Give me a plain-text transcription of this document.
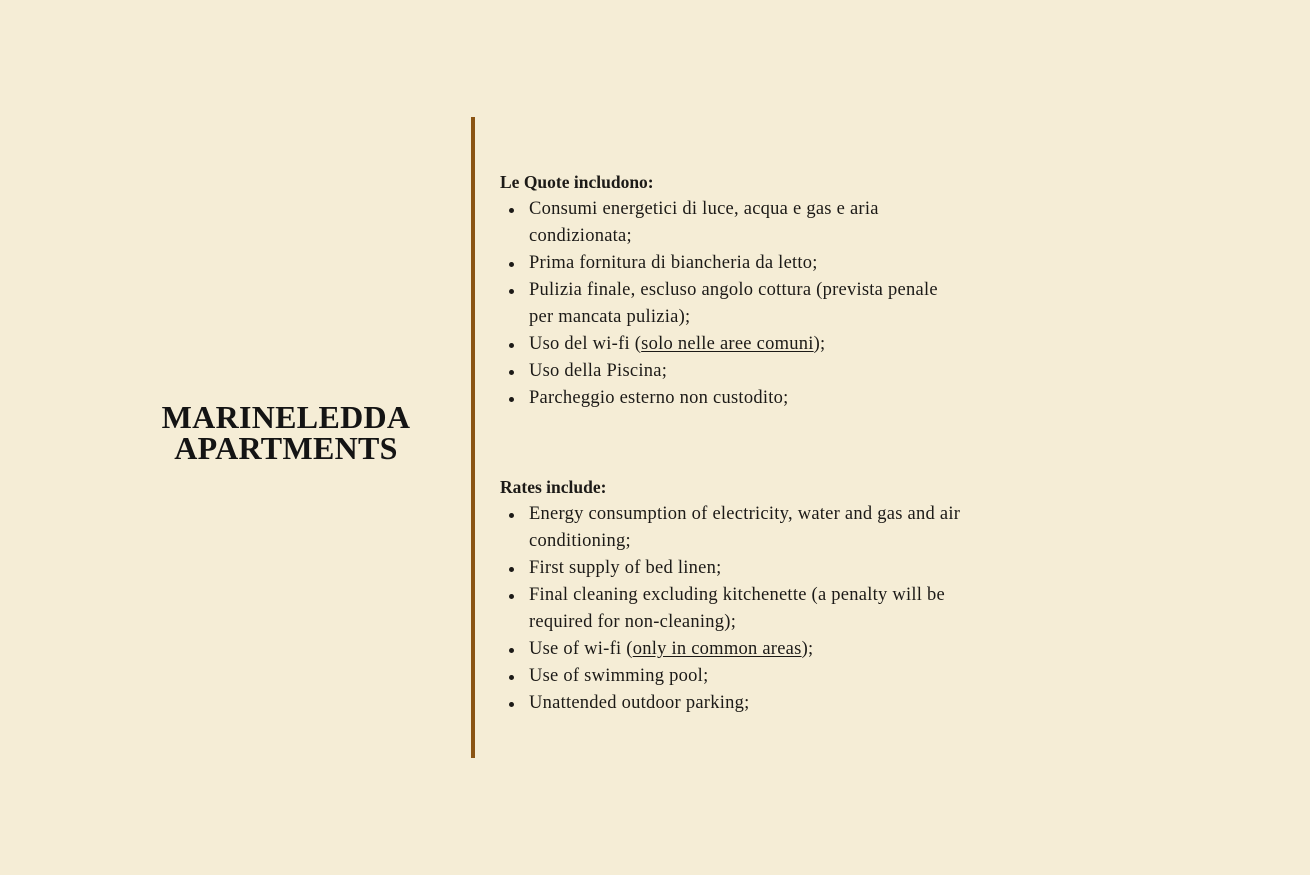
MARINELEDDA
APARTMENTS
Le Quote includono:
Consumi energetici di luce, acqua e gas e aria
condizionata;
Prima fornitura di biancheria da letto;
Pulizia finale, escluso angolo cottura (prevista penale
per mancata pulizia);
Uso del wi-fi (solo nelle aree comuni);
Uso della Piscina;
Parcheggio esterno non custodito;
Rates include:
Energy consumption of electricity, water and gas and air
conditioning;
First supply of bed linen;
Final cleaning excluding kitchenette (a penalty will be
required for non-cleaning);
Use of wi-fi (only in common areas);
Use of swimming pool;
Unattended outdoor parking;
